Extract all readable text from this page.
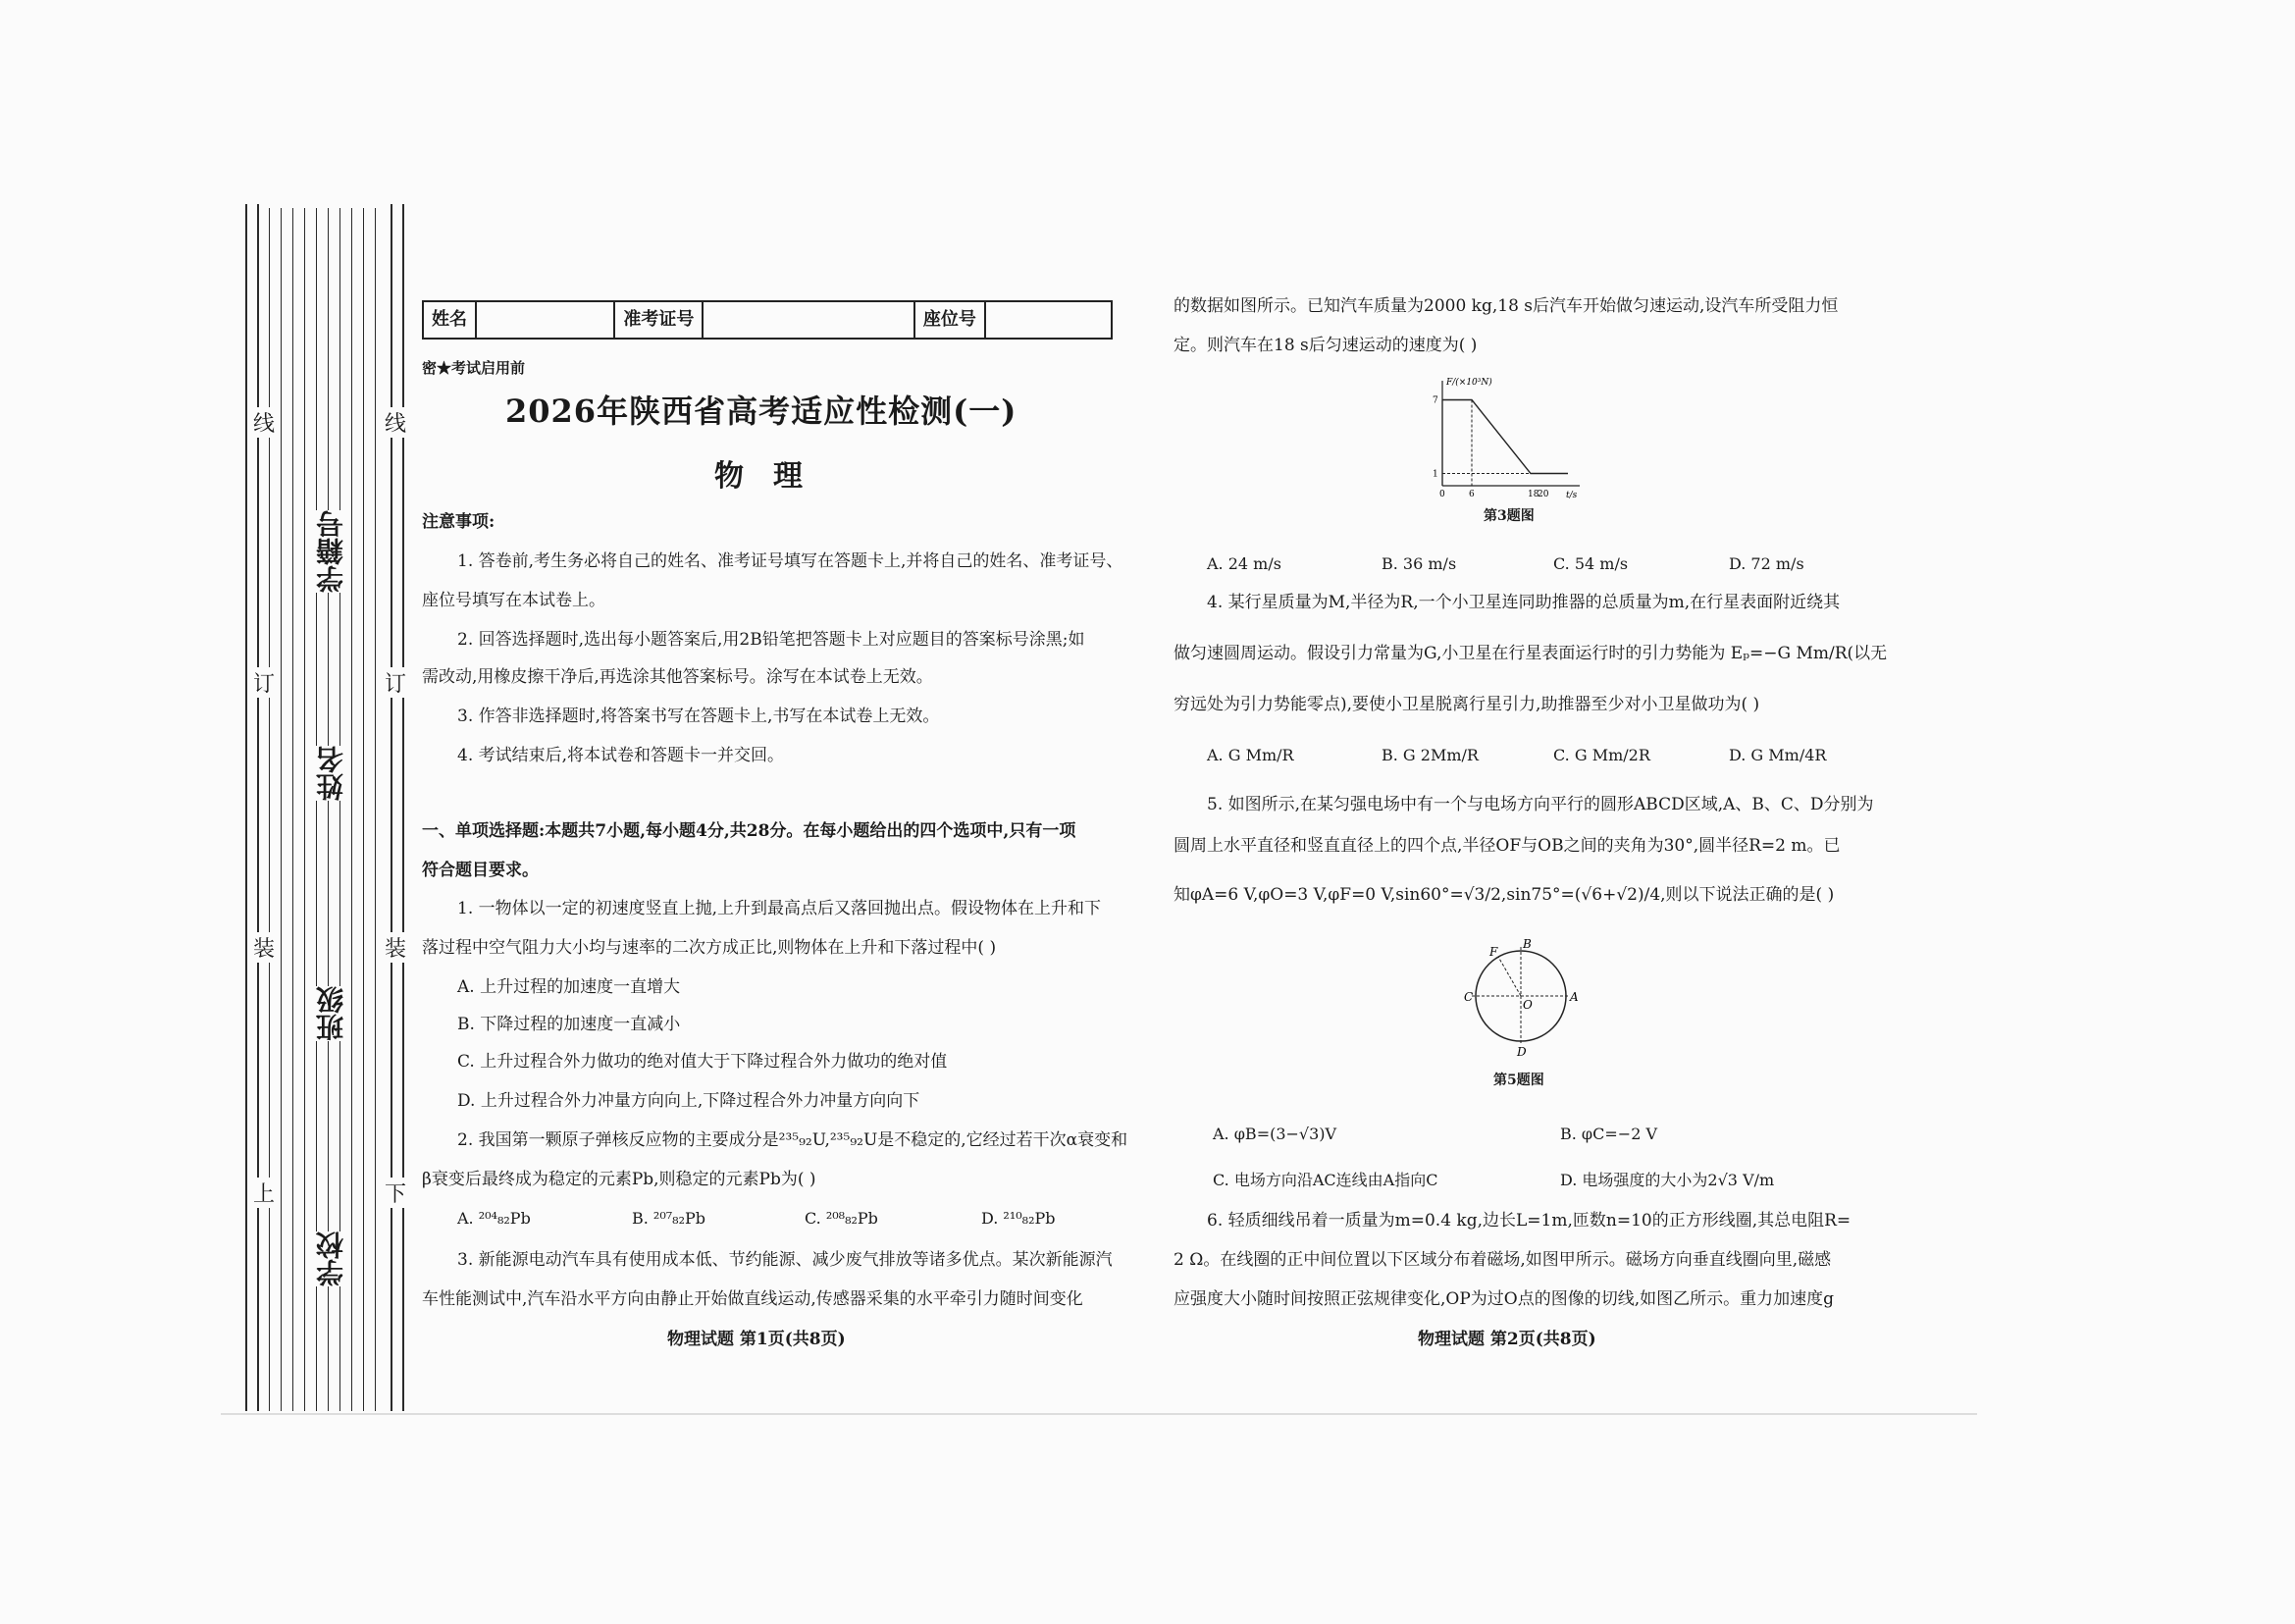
线
订
装
上
线
订
装
下
学籍号
姓名
班级
学校
姓名	准考证号	座位号
密★考试启用前
2026年陕西省高考适应性检测(一)
物理
注意事项:
1. 答卷前,考生务必将自己的姓名、准考证号填写在答题卡上,并将自己的姓名、准考证号、
座位号填写在本试卷上。
2. 回答选择题时,选出每小题答案后,用2B铅笔把答题卡上对应题目的答案标号涂黑;如
需改动,用橡皮擦干净后,再选涂其他答案标号。涂写在本试卷上无效。
3. 作答非选择题时,将答案书写在答题卡上,书写在本试卷上无效。
4. 考试结束后,将本试卷和答题卡一并交回。
一、单项选择题:本题共7小题,每小题4分,共28分。在每小题给出的四个选项中,只有一项
符合题目要求。
1. 一物体以一定的初速度竖直上抛,上升到最高点后又落回抛出点。假设物体在上升和下
落过程中空气阻力大小均与速率的二次方成正比,则物体在上升和下落过程中( )
A. 上升过程的加速度一直增大
B. 下降过程的加速度一直减小
C. 上升过程合外力做功的绝对值大于下降过程合外力做功的绝对值
D. 上升过程合外力冲量方向向上,下降过程合外力冲量方向向下
2. 我国第一颗原子弹核反应物的主要成分是²³⁵₉₂U,²³⁵₉₂U是不稳定的,它经过若干次α衰变和
β衰变后最终成为稳定的元素Pb,则稳定的元素Pb为( )
A. ²⁰⁴₈₂Pb	B. ²⁰⁷₈₂Pb	C. ²⁰⁸₈₂Pb	D. ²¹⁰₈₂Pb
3. 新能源电动汽车具有使用成本低、节约能源、减少废气排放等诸多优点。某次新能源汽
车性能测试中,汽车沿水平方向由静止开始做直线运动,传感器采集的水平牵引力随时间变化
物理试题 第1页(共8页)
的数据如图所示。已知汽车质量为2000 kg,18 s后汽车开始做匀速运动,设汽车所受阻力恒
定。则汽车在18 s后匀速运动的速度为( )
F/(×10³N)
t/s
0	6	18
20
1
7
第3题图
A. 24 m/s	B. 36 m/s	C. 54 m/s	D. 72 m/s
4. 某行星质量为M,半径为R,一个小卫星连同助推器的总质量为m,在行星表面附近绕其
做匀速圆周运动。假设引力常量为G,小卫星在行星表面运行时的引力势能为 Eₚ=−G Mm/R(以无
穷远处为引力势能零点),要使小卫星脱离行星引力,助推器至少对小卫星做功为( )
A. G Mm/R	B. G 2Mm/R	C. G Mm/2R	D. G Mm/4R
5. 如图所示,在某匀强电场中有一个与电场方向平行的圆形ABCD区域,A、B、C、D分别为
圆周上水平直径和竖直直径上的四个点,半径OF与OB之间的夹角为30°,圆半径R=2 m。已
知φA=6 V,φO=3 V,φF=0 V,sin60°=√3/2,sin75°=(√6+√2)/4,则以下说法正确的是( )
A
B
C
D
O
F
第5题图
A. φB=(3−√3)V	B. φC=−2 V
C. 电场方向沿AC连线由A指向C	D. 电场强度的大小为2√3 V/m
6. 轻质细线吊着一质量为m=0.4 kg,边长L=1m,匝数n=10的正方形线圈,其总电阻R=
2 Ω。在线圈的正中间位置以下区域分布着磁场,如图甲所示。磁场方向垂直线圈向里,磁感
应强度大小随时间按照正弦规律变化,OP为过O点的图像的切线,如图乙所示。重力加速度g
物理试题 第2页(共8页)
